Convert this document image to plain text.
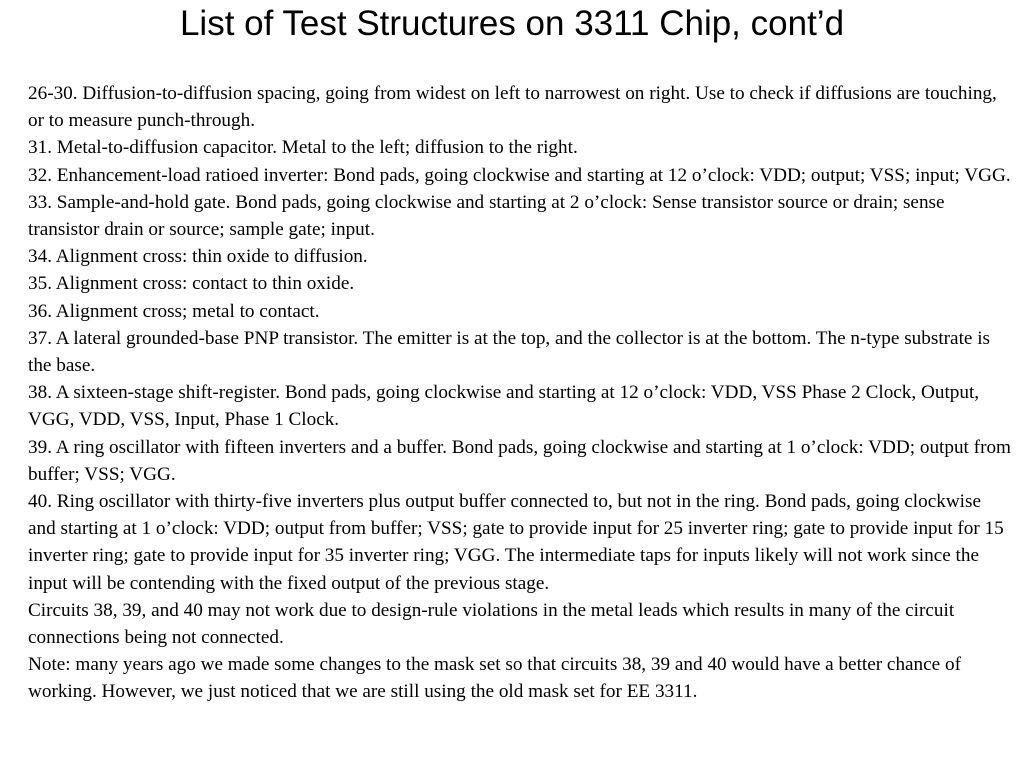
List of Test Structures on 3311 Chip, cont’d

26-30. Diffusion-to-diffusion spacing, going from widest on left to narrowest on right. Use to check if diffusions are touching, or to measure punch-through.

31. Metal-to-diffusion capacitor. Metal to the left; diffusion to the right.

32. Enhancement-load ratioed inverter: Bond pads, going clockwise and starting at 12 o’clock: VDD; output; VSS; input; VGG.

33. Sample-and-hold gate. Bond pads, going clockwise and starting at 2 o’clock: Sense transistor source or drain; sense transistor drain or source; sample gate; input.

34. Alignment cross: thin oxide to diffusion.

35. Alignment cross: contact to thin oxide.

36. Alignment cross; metal to contact.

37. A lateral grounded-base PNP transistor. The emitter is at the top, and the collector is at the bottom. The n-type substrate is the base.

38. A sixteen-stage shift-register. Bond pads, going clockwise and starting at 12 o’clock: VDD, VSS Phase 2 Clock, Output, VGG, VDD, VSS, Input, Phase 1 Clock.

39. A ring oscillator with fifteen inverters and a buffer. Bond pads, going clockwise and starting at 1 o’clock: VDD; output from buffer; VSS; VGG.

40. Ring oscillator with thirty-five inverters plus output buffer connected to, but not in the ring. Bond pads, going clockwise and starting at 1 o’clock: VDD; output from buffer; VSS; gate to provide input for 25 inverter ring; gate to provide input for 15 inverter ring; gate to provide input for 35 inverter ring; VGG. The intermediate taps for inputs likely will not work since the input will be contending with the fixed output of the previous stage.

Circuits 38, 39, and 40 may not work due to design-rule violations in the metal leads which results in many of the circuit connections being not connected.

Note: many years ago we made some changes to the mask set so that circuits 38, 39 and 40 would have a better chance of working. However, we just noticed that we are still using the old mask set for EE 3311.
